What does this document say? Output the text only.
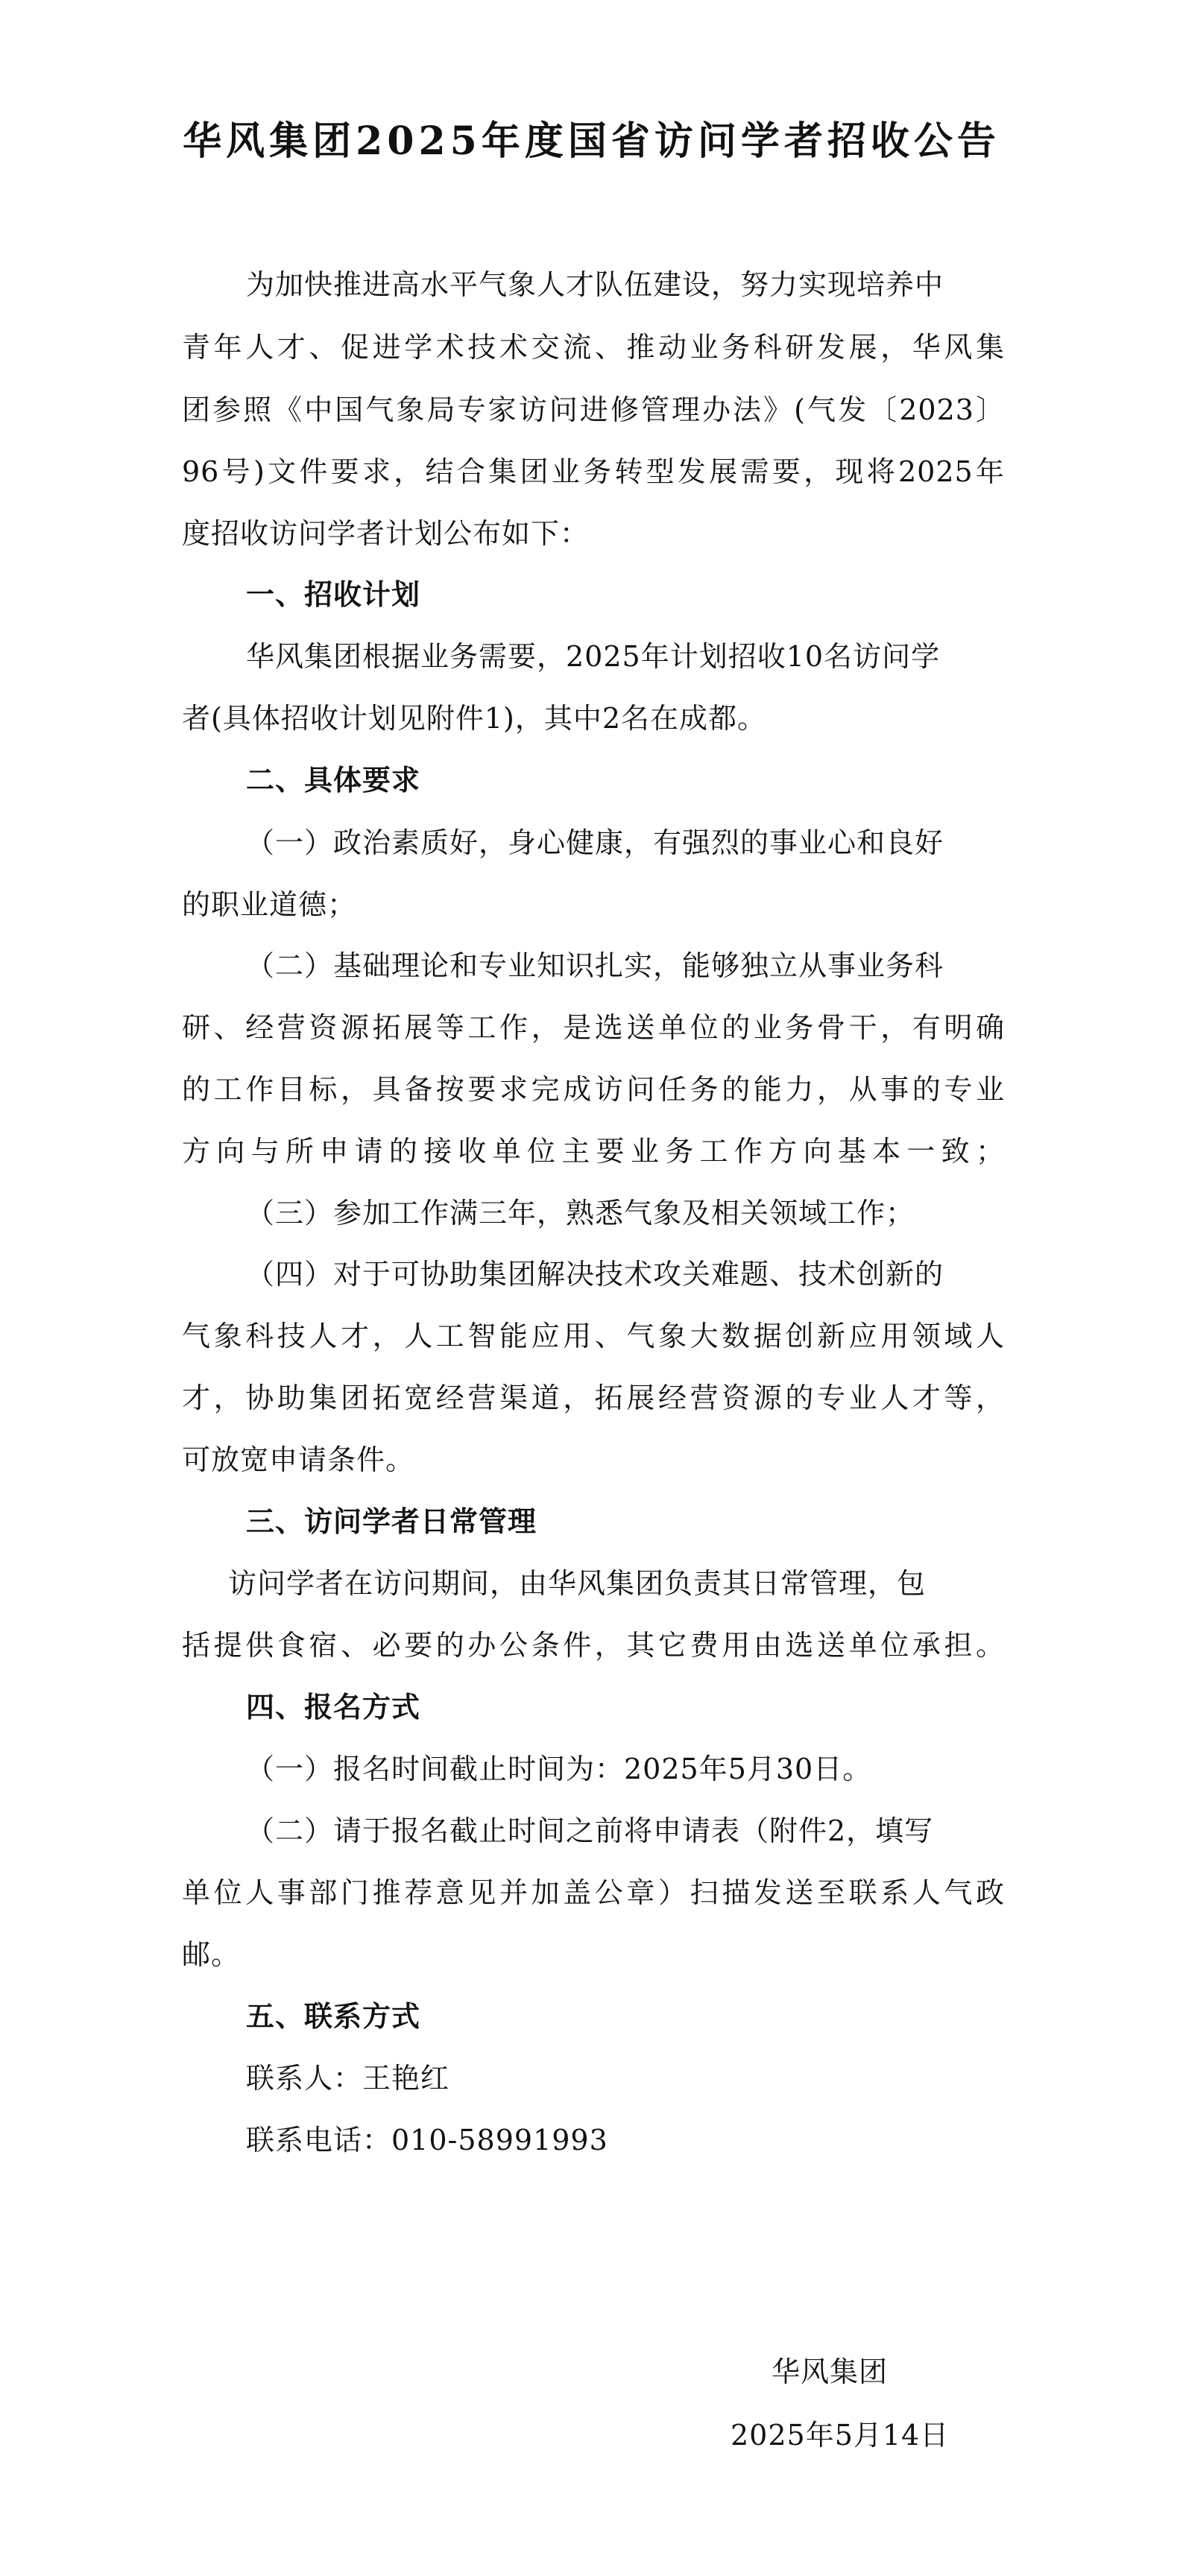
华风集团2025年度国省访问学者招收公告
为加快推进高水平气象人才队伍建设，努力实现培养中
青年人才、促进学术技术交流、推动业务科研发展，华风集
团参照《中国气象局专家访问进修管理办法》(气发〔2023〕
96号)文件要求，结合集团业务转型发展需要，现将2025年
度招收访问学者计划公布如下：
一、招收计划
华风集团根据业务需要，2025年计划招收10名访问学
者(具体招收计划见附件1)，其中2名在成都。
二、具体要求
（一）政治素质好，身心健康，有强烈的事业心和良好
的职业道德；
（二）基础理论和专业知识扎实，能够独立从事业务科
研、经营资源拓展等工作，是选送单位的业务骨干，有明确
的工作目标，具备按要求完成访问任务的能力，从事的专业
方向与所申请的接收单位主要业务工作方向基本一致；
（三）参加工作满三年，熟悉气象及相关领域工作；
（四）对于可协助集团解决技术攻关难题、技术创新的
气象科技人才，人工智能应用、气象大数据创新应用领域人
才，协助集团拓宽经营渠道，拓展经营资源的专业人才等，
可放宽申请条件。
三、访问学者日常管理
访问学者在访问期间，由华风集团负责其日常管理，包
括提供食宿、必要的办公条件，其它费用由选送单位承担。
四、报名方式
（一）报名时间截止时间为：2025年5月30日。
（二）请于报名截止时间之前将申请表（附件2，填写
单位人事部门推荐意见并加盖公章）扫描发送至联系人气政
邮。
五、联系方式
联系人：王艳红
联系电话：010-58991993
华风集团
2025年5月14日
